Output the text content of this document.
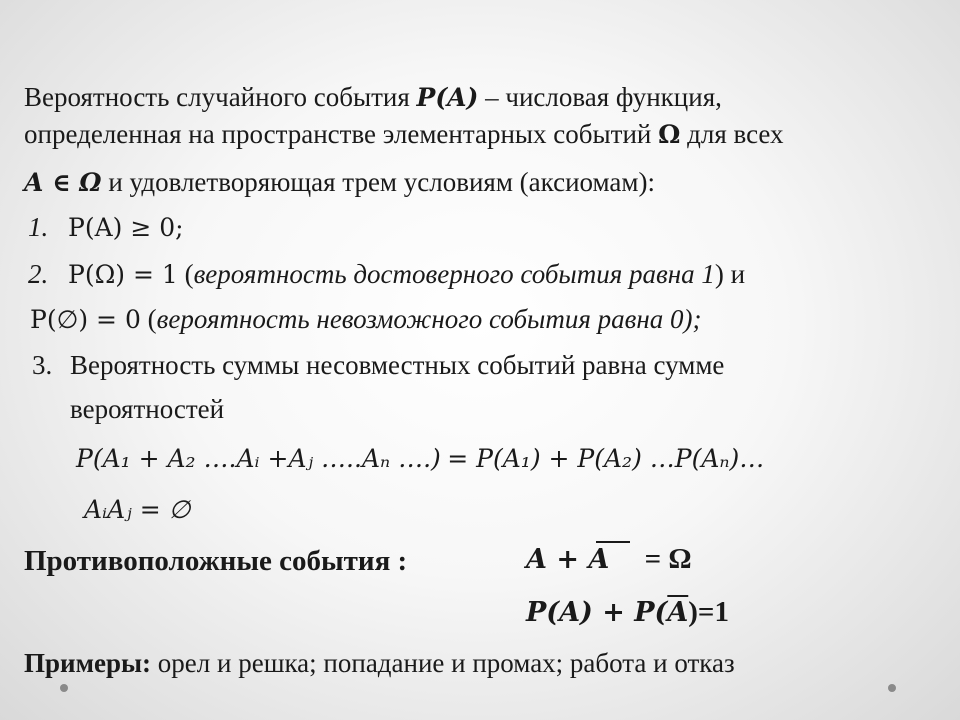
Вероятность случайного события P(A) – числовая функция,
определенная на пространстве элементарных событий Ω для всех
A ∈ Ω и удовлетворяющая трем условиям (аксиомам):
1. P(A) ≥ 0;
2. P(Ω) = 1 (вероятность достоверного события равна 1) и
P(∅) = 0 (вероятность невозможного события равна 0);
3. Вероятность суммы несовместных событий равна сумме
вероятностей
P(A₁ + A₂ ….Aᵢ +Aⱼ …..Aₙ ….) = P(A₁) + P(A₂) …P(Aₙ)…
AᵢAⱼ = ∅
Противоположные события :	A + A = Ω
$P(A) + P(\overline{A})=1$
Примеры: орел и решка; попадание и промах; работа и отказ
